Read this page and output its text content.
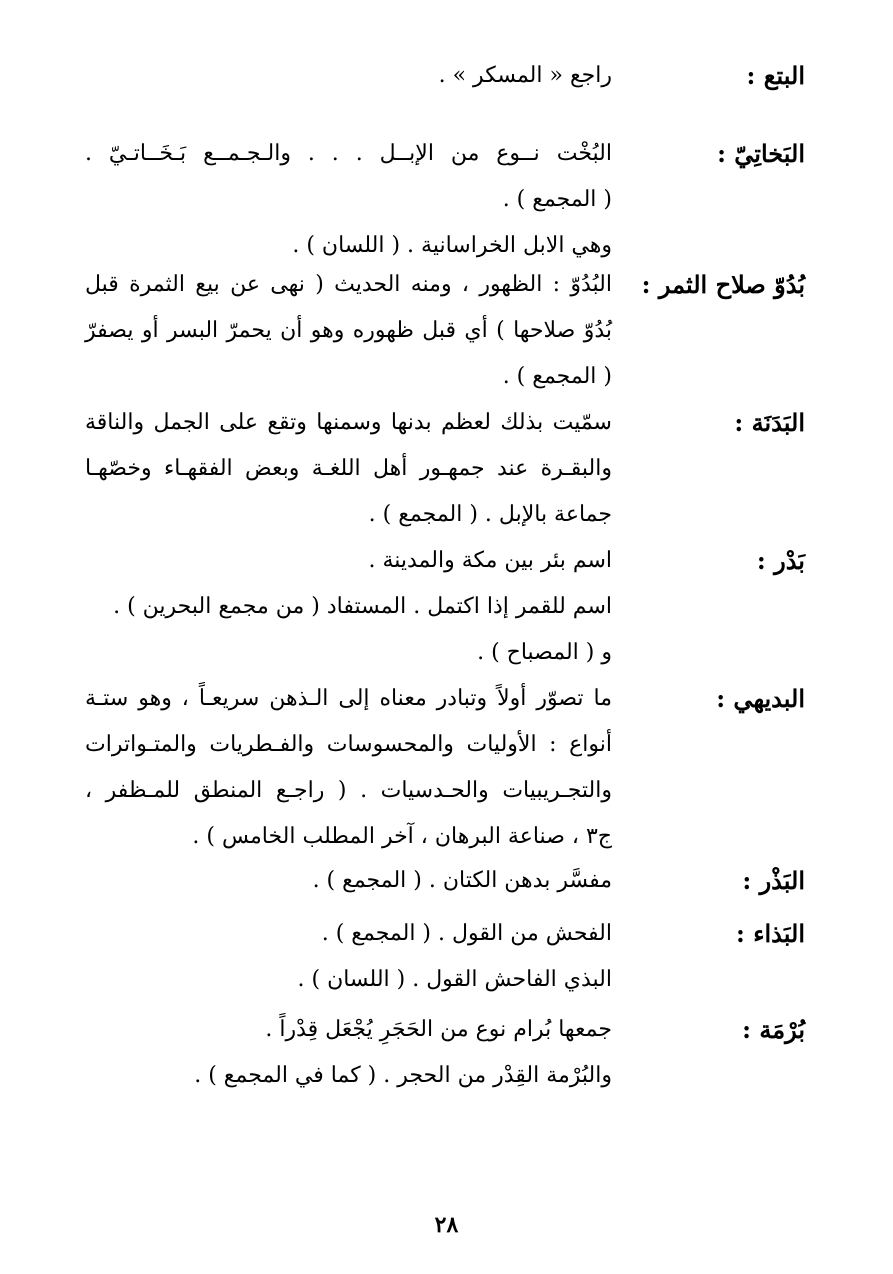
البتع :
راجع « المسكر » .
البَخاتِيّ :
البُخْت نــوع من الإبــل . . . والـجـمــع بَـخَــاتـيّ .
( المجمع ) .
وهي الابل الخراسانية . ( اللسان ) .
بُدُوّ صلاح الثمر :
البُدُوّ : الظهور ، ومنه الحديث ( نهى عن بيع الثمرة قبل
بُدُوّ صلاحها ) أي قبل ظهوره وهو أن يحمرّ البسر أو يصفرّ
( المجمع ) .
البَدَنَة :
سمّيت بذلك لعظم بدنها وسمنها وتقع على الجمل والناقة
والبقـرة عند جمهـور أهل اللغـة وبعض الفقهـاء وخصّهـا
جماعة بالإبل . ( المجمع ) .
بَدْر :
اسم بئر بين مكة والمدينة .
اسم للقمر إذا اكتمل . المستفاد ( من مجمع البحرين ) .
و ( المصباح ) .
البديهي :
ما تصوّر أولاً وتبادر معناه إلى الـذهن سريعـاً ، وهو ستـة
أنواع : الأوليات والمحسوسات والفـطريات والمتـواترات
والتجـريبيات والحـدسيات . ( راجـع المنطق للمـظفر ،
ج٣ ، صناعة البرهان ، آخر المطلب الخامس ) .
البَذْر :
مفسَّر بدهن الكتان . ( المجمع ) .
البَذاء :
الفحش من القول . ( المجمع ) .
البذي الفاحش القول . ( اللسان ) .
بُرْمَة :
جمعها بُرام نوع من الحَجَرِ يُجْعَل قِدْراً .
والبُرْمة القِدْر من الحجر . ( كما في المجمع ) .
٢٨
